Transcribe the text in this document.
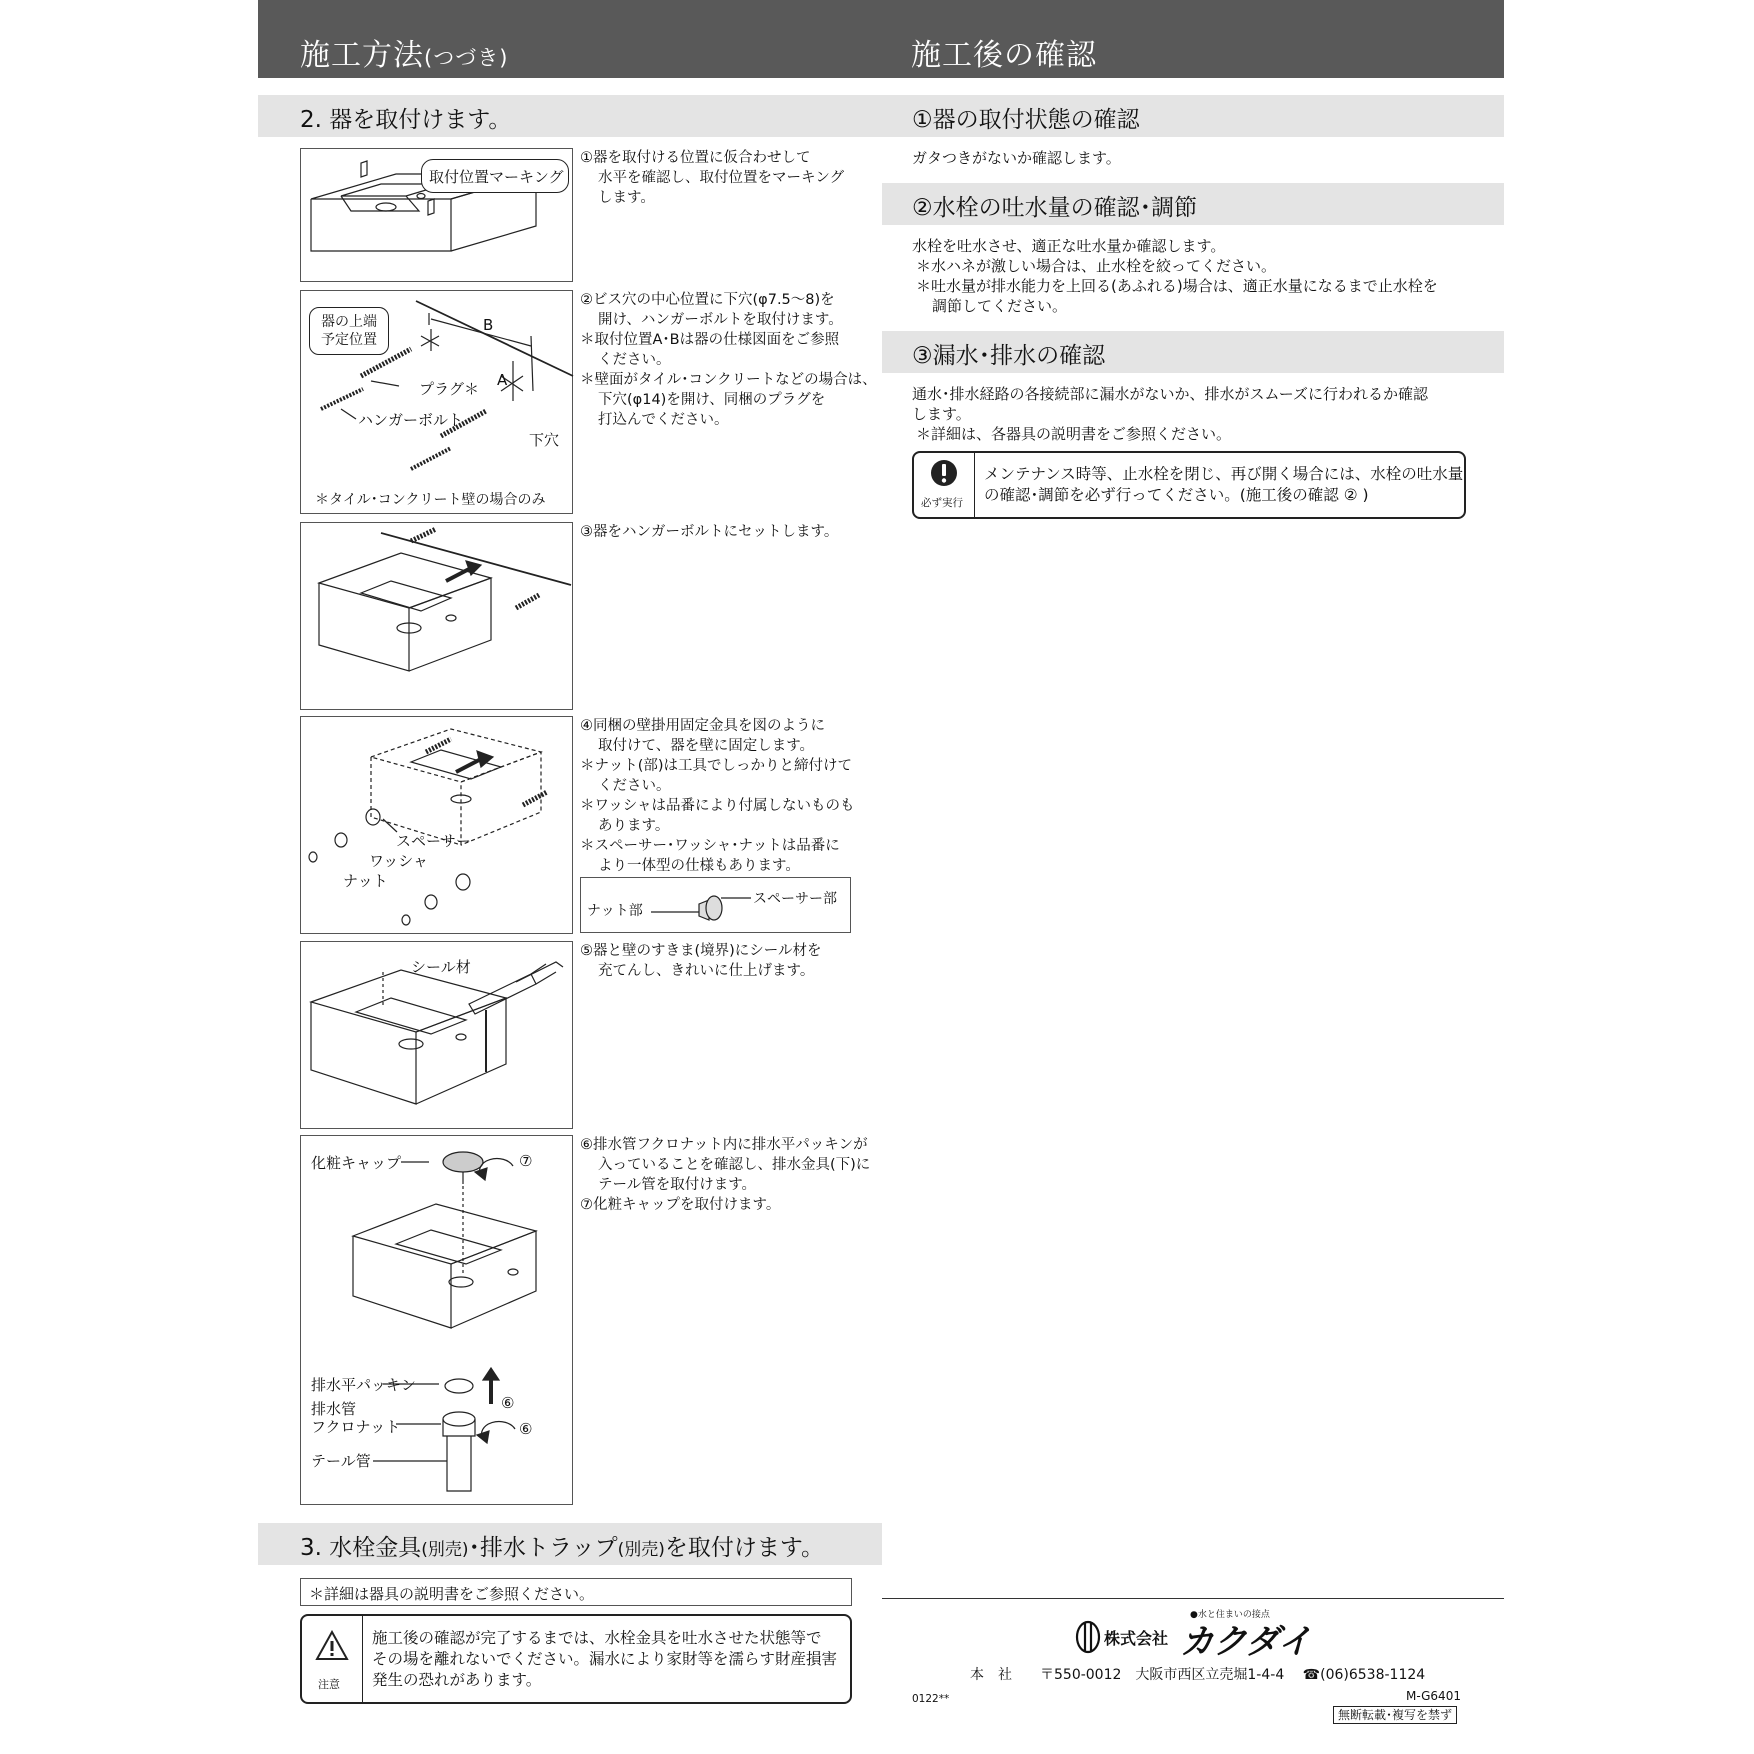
施工方法(つづき)	施工後の確認
2. 器を取付けます。
取付位置マーキング
①器を取付ける位置に仮合わせして
水平を確認し、取付位置をマーキング
します。
器の上端
予定位置
B
A
プラグ＊
ハンガーボルト
下穴
＊タイル･コンクリート壁の場合のみ
②ビス穴の中心位置に下穴(φ7.5〜8)を
開け、ハンガーボルトを取付けます。
＊取付位置A･Bは器の仕様図面をご参照
ください。
＊壁面がタイル･コンクリートなどの場合は、
下穴(φ14)を開け、同梱のプラグを
打込んでください。
③器をハンガーボルトにセットします。
スペーサー
ワッシャ
ナット
④同梱の壁掛用固定金具を図のように
取付けて、器を壁に固定します。
＊ナット(部)は工具でしっかりと締付けて
ください。
＊ワッシャは品番により付属しないものも
あります。
＊スペーサー･ワッシャ･ナットは品番に
より一体型の仕様もあります。
ナット部
スペーサー部
シール材
⑤器と壁のすきま(境界)にシール材を
充てんし、きれいに仕上げます。
化粧キャップ	⑦
排水平パッキン
⑥
排水管
フクロナット	⑥
テール管
⑥排水管フクロナット内に排水平パッキンが
入っていることを確認し、排水金具(下)に
テール管を取付けます。
⑦化粧キャップを取付けます。
3. 水栓金具(別売)･排水トラップ(別売)を取付けます。
＊詳細は器具の説明書をご参照ください。
注意
施工後の確認が完了するまでは、水栓金具を吐水させた状態等で
その場を離れないでください。漏水により家財等を濡らす財産損害
発生の恐れがあります。
①器の取付状態の確認
ガタつきがないか確認します。
②水栓の吐水量の確認･調節
水栓を吐水させ、適正な吐水量か確認します。
＊水ハネが激しい場合は、止水栓を絞ってください。
＊吐水量が排水能力を上回る(あふれる)場合は、適正水量になるまで止水栓を
調節してください。
③漏水･排水の確認
通水･排水経路の各接続部に漏水がないか、排水がスムーズに行われるか確認
します。
＊詳細は、各器具の説明書をご参照ください。
必ず実行
メンテナンス時等、止水栓を閉じ、再び開く場合には、水栓の吐水量
の確認･調節を必ず行ってください。(施工後の確認 ② )
●水と住まいの接点
株式会社 カクダイ
本　社　　〒550-0012　大阪市西区立売堀1-4-4　 ☎(06)6538-1124
0122**	M-G6401
無断転載･複写を禁ず
